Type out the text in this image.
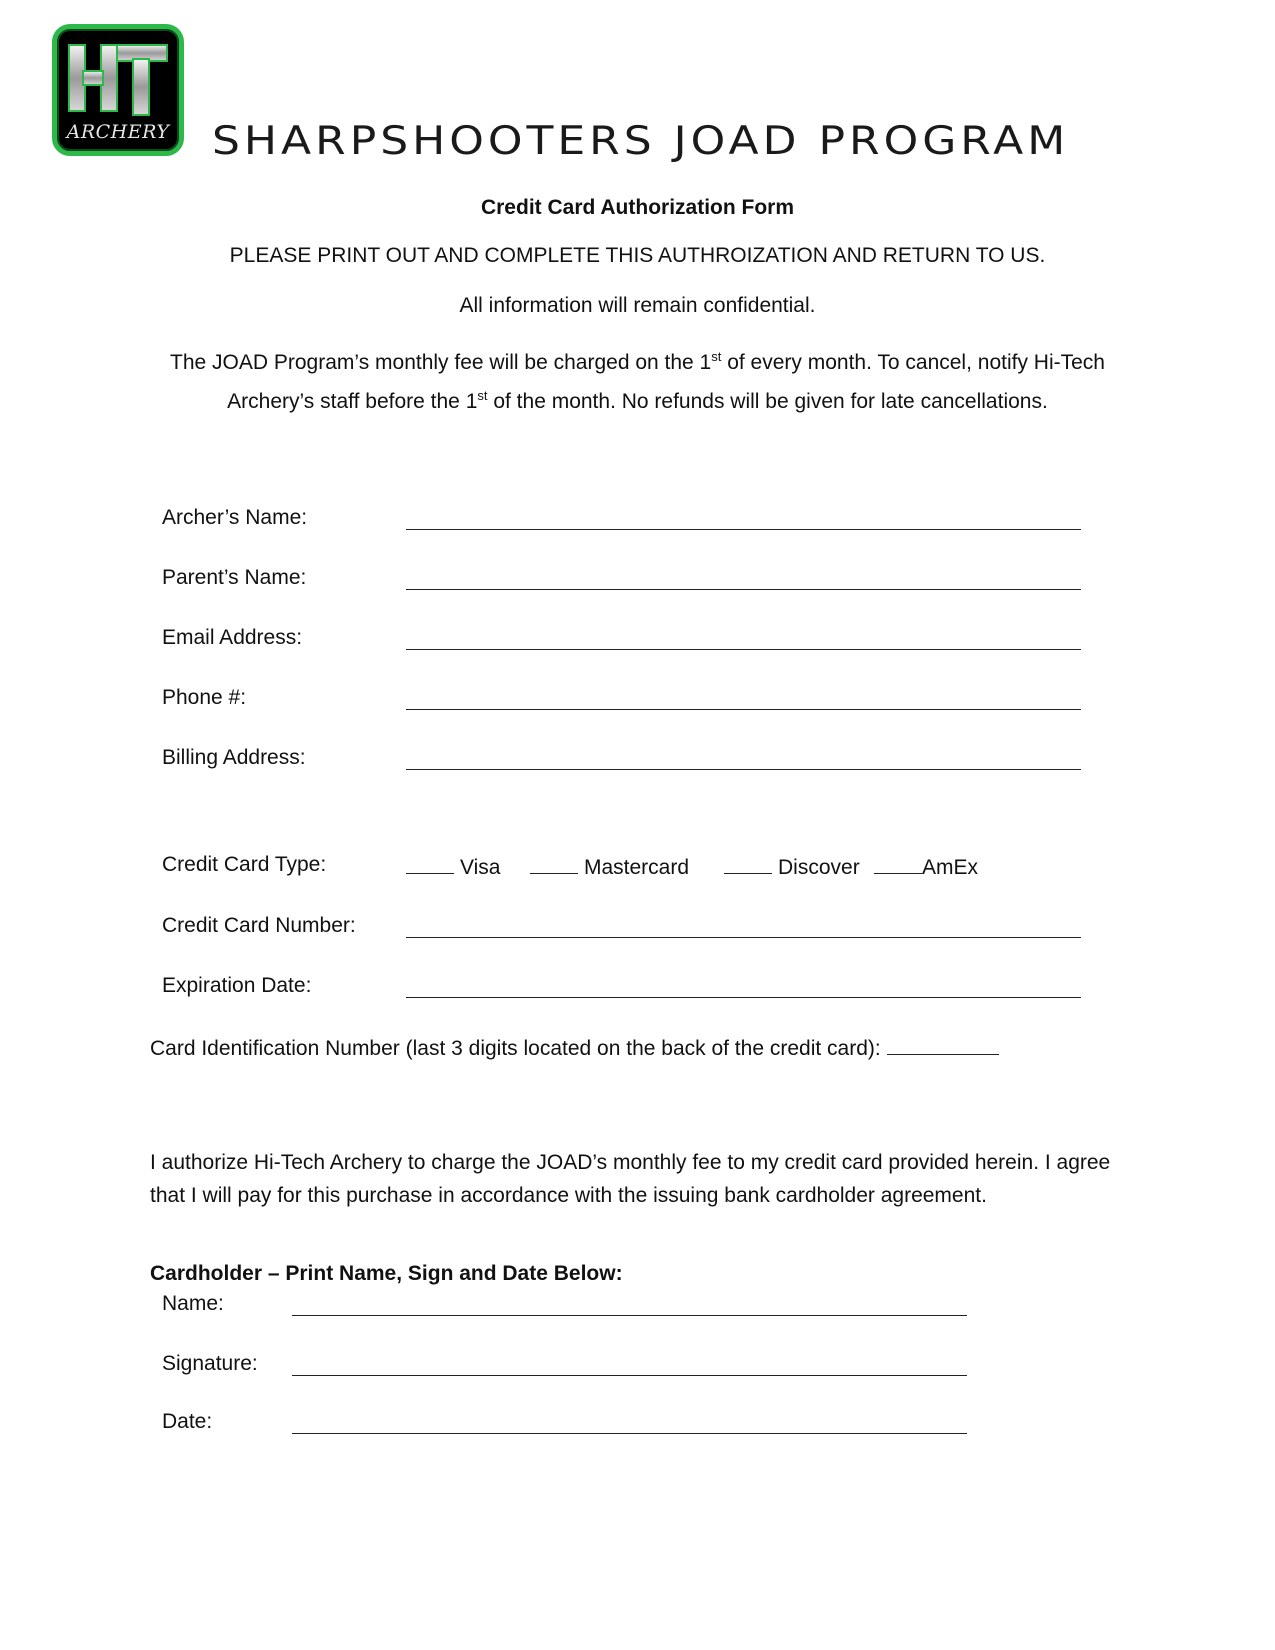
ARCHERY SHARPSHOOTERS JOAD PROGRAM
Credit Card Authorization Form
PLEASE PRINT OUT AND COMPLETE THIS AUTHROIZATION AND RETURN TO US.
All information will remain confidential.
The JOAD Program’s monthly fee will be charged on the 1st of every month. To cancel, notify Hi-Tech Archery’s staff before the 1st of the month. No refunds will be given for late cancellations.
Archer’s Name:
Parent’s Name:
Email Address:
Phone #:
Billing Address:
Credit Card Type:	Visa	Mastercard	Discover	AmEx
Credit Card Number:
Expiration Date:
Card Identification Number (last 3 digits located on the back of the credit card):
I authorize Hi-Tech Archery to charge the JOAD’s monthly fee to my credit card provided herein. I agree that I will pay for this purchase in accordance with the issuing bank cardholder agreement.
Cardholder – Print Name, Sign and Date Below:
Name:
Signature:
Date:
